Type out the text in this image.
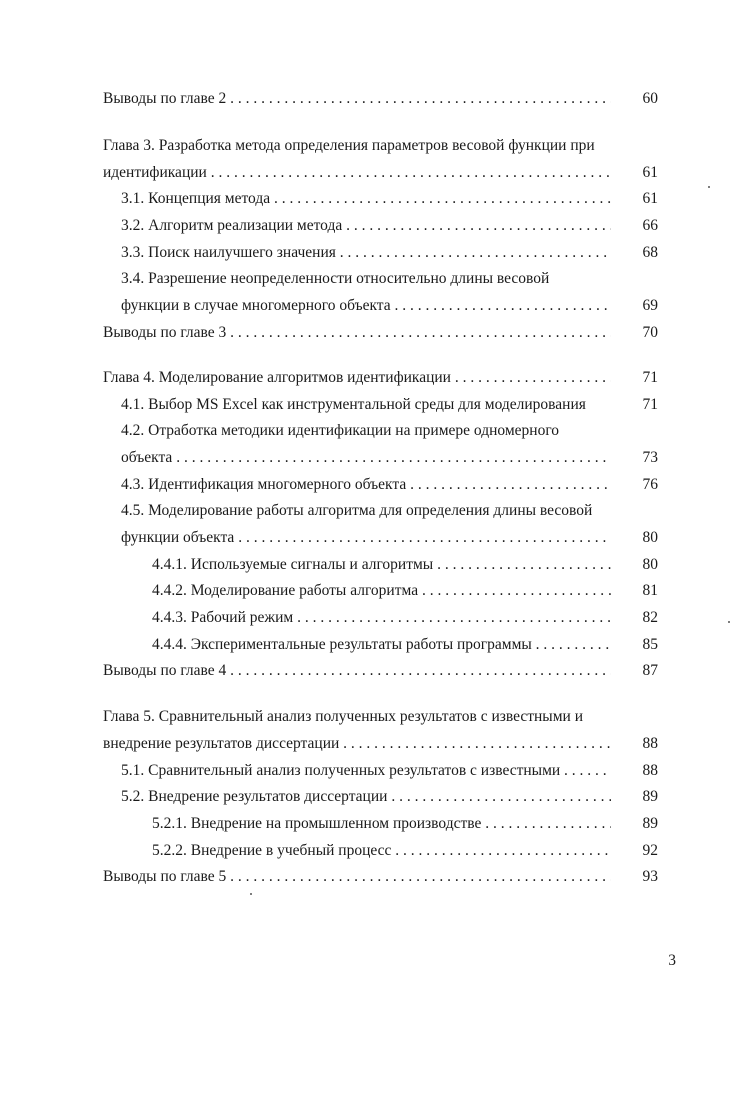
Выводы по главе 2 . . .	60
Глава 3. Разработка метода определения параметров весовой функции при
идентификации . . .	61
3.1. Концепция метода . . .	61
3.2. Алгоритм реализации метода . . .	66
3.3. Поиск наилучшего значения . . .	68
3.4. Разрешение неопределенности относительно длины весовой
функции в случае многомерного объекта . . .	69
Выводы по главе 3 . . .	70
Глава 4. Моделирование алгоритмов идентификации . . .	71
4.1. Выбор MS Excel как инструментальной среды для моделирования	71
4.2. Отработка методики идентификации на примере одномерного
объекта . . .	73
4.3. Идентификация многомерного объекта . . .	76
4.5. Моделирование работы алгоритма для определения длины весовой
функции объекта . . .	80
4.4.1. Используемые сигналы и алгоритмы . . .	80
4.4.2. Моделирование работы алгоритма . . .	81
4.4.3. Рабочий режим . . .	82
4.4.4. Экспериментальные результаты работы программы . . .	85
Выводы по главе 4 . . .	87
Глава 5. Сравнительный анализ полученных результатов с известными и
внедрение результатов диссертации . . .	88
5.1. Сравнительный анализ полученных результатов с известными . . .	88
5.2. Внедрение результатов диссертации . . .	89
5.2.1. Внедрение на промышленном производстве . . .	89
5.2.2. Внедрение в учебный процесс . . .	92
Выводы по главе 5 . . .	93
3
